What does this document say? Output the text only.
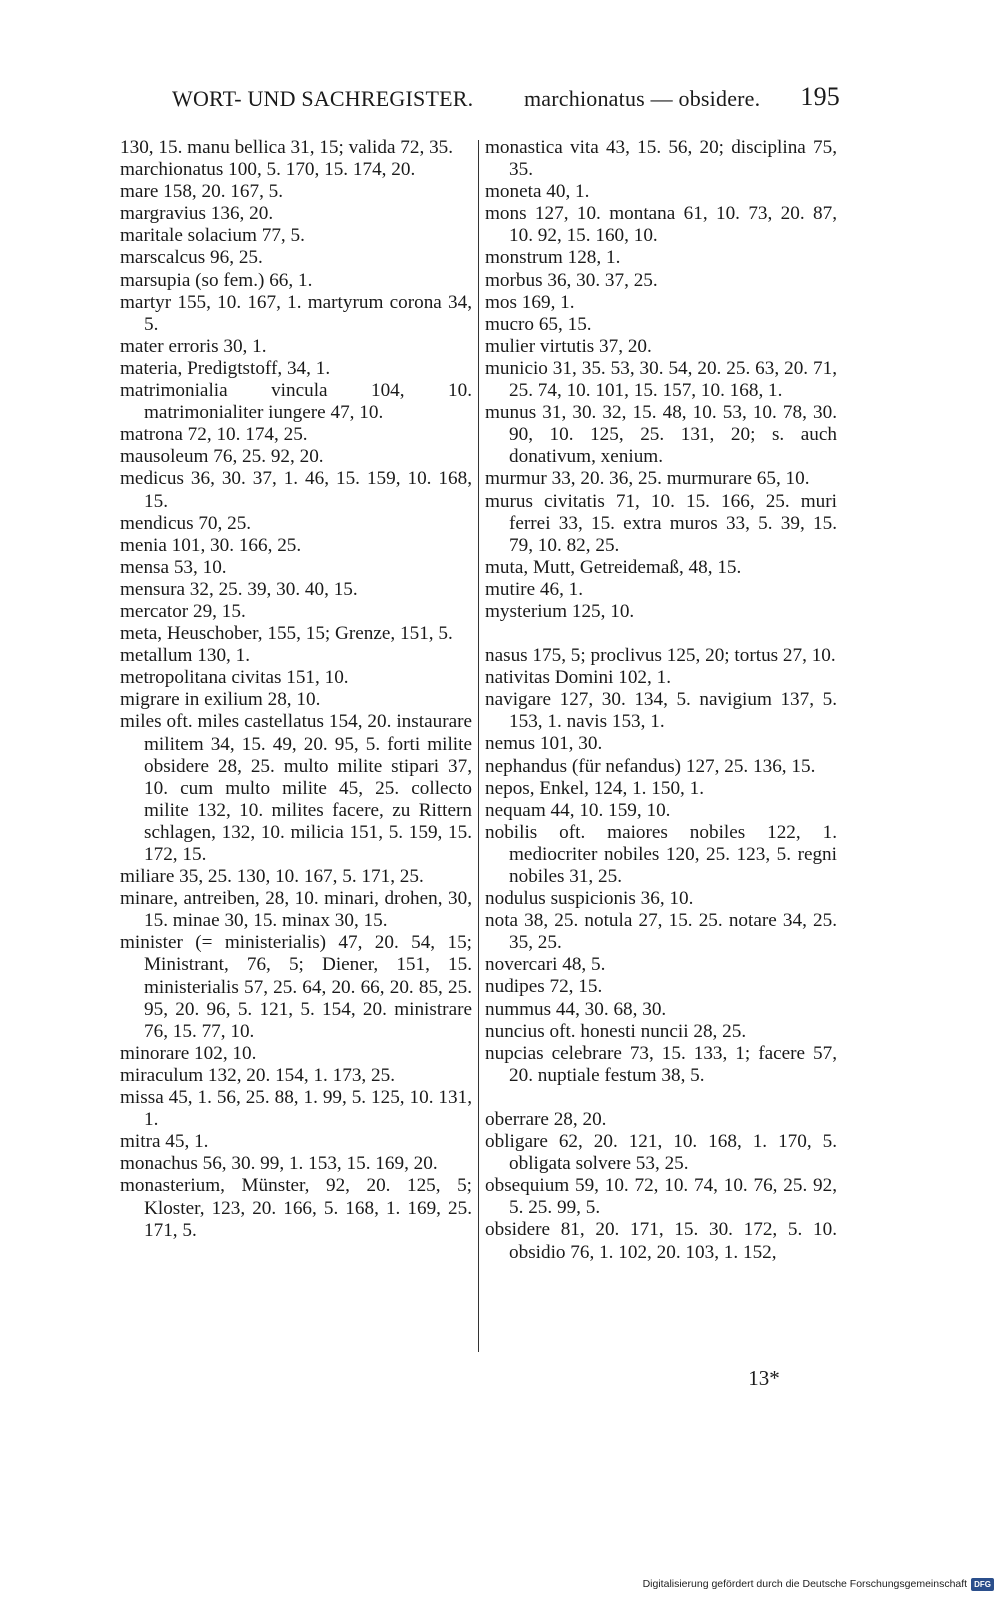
WORT- UND SACHREGISTER. marchionatus — obsidere. 195
130, 15. manu bellica 31, 15; valida 72, 35.
marchionatus 100, 5. 170, 15. 174, 20.
mare 158, 20. 167, 5.
margravius 136, 20.
maritale solacium 77, 5.
marscalcus 96, 25.
marsupia (so fem.) 66, 1.
martyr 155, 10. 167, 1. martyrum corona 34, 5.
mater erroris 30, 1.
materia, Predigtstoff, 34, 1.
matrimonialia vincula 104, 10. matrimonialiter iungere 47, 10.
matrona 72, 10. 174, 25.
mausoleum 76, 25. 92, 20.
medicus 36, 30. 37, 1. 46, 15. 159, 10. 168, 15.
mendicus 70, 25.
menia 101, 30. 166, 25.
mensa 53, 10.
mensura 32, 25. 39, 30. 40, 15.
mercator 29, 15.
meta, Heuschober, 155, 15; Grenze, 151, 5.
metallum 130, 1.
metropolitana civitas 151, 10.
migrare in exilium 28, 10.
miles oft. miles castellatus 154, 20. instaurare militem 34, 15. 49, 20. 95, 5. forti milite obsidere 28, 25. multo milite stipari 37, 10. cum multo milite 45, 25. collecto milite 132, 10. milites facere, zu Rittern schlagen, 132, 10. milicia 151, 5. 159, 15. 172, 15.
miliare 35, 25. 130, 10. 167, 5. 171, 25.
minare, antreiben, 28, 10. minari, drohen, 30, 15. minae 30, 15. minax 30, 15.
minister (= ministerialis) 47, 20. 54, 15; Ministrant, 76, 5; Diener, 151, 15. ministerialis 57, 25. 64, 20. 66, 20. 85, 25. 95, 20. 96, 5. 121, 5. 154, 20. ministrare 76, 15. 77, 10.
minorare 102, 10.
miraculum 132, 20. 154, 1. 173, 25.
missa 45, 1. 56, 25. 88, 1. 99, 5. 125, 10. 131, 1.
mitra 45, 1.
monachus 56, 30. 99, 1. 153, 15. 169, 20.
monasterium, Münster, 92, 20. 125, 5; Kloster, 123, 20. 166, 5. 168, 1. 169, 25. 171, 5.
monastica vita 43, 15. 56, 20; disciplina 75, 35.
moneta 40, 1.
mons 127, 10. montana 61, 10. 73, 20. 87, 10. 92, 15. 160, 10.
monstrum 128, 1.
morbus 36, 30. 37, 25.
mos 169, 1.
mucro 65, 15.
mulier virtutis 37, 20.
municio 31, 35. 53, 30. 54, 20. 25. 63, 20. 71, 25. 74, 10. 101, 15. 157, 10. 168, 1.
munus 31, 30. 32, 15. 48, 10. 53, 10. 78, 30. 90, 10. 125, 25. 131, 20; s. auch donativum, xenium.
murmur 33, 20. 36, 25. murmurare 65, 10.
murus civitatis 71, 10. 15. 166, 25. muri ferrei 33, 15. extra muros 33, 5. 39, 15. 79, 10. 82, 25.
muta, Mutt, Getreidemaß, 48, 15.
mutire 46, 1.
mysterium 125, 10.
nasus 175, 5; proclivus 125, 20; tortus 27, 10.
nativitas Domini 102, 1.
navigare 127, 30. 134, 5. navigium 137, 5. 153, 1. navis 153, 1.
nemus 101, 30.
nephandus (für nefandus) 127, 25. 136, 15.
nepos, Enkel, 124, 1. 150, 1.
nequam 44, 10. 159, 10.
nobilis oft. maiores nobiles 122, 1. mediocriter nobiles 120, 25. 123, 5. regni nobiles 31, 25.
nodulus suspicionis 36, 10.
nota 38, 25. notula 27, 15. 25. notare 34, 25. 35, 25.
novercari 48, 5.
nudipes 72, 15.
nummus 44, 30. 68, 30.
nuncius oft. honesti nuncii 28, 25.
nupcias celebrare 73, 15. 133, 1; facere 57, 20. nuptiale festum 38, 5.
oberrare 28, 20.
obligare 62, 20. 121, 10. 168, 1. 170, 5. obligata solvere 53, 25.
obsequium 59, 10. 72, 10. 74, 10. 76, 25. 92, 5. 25. 99, 5.
obsidere 81, 20. 171, 15. 30. 172, 5. 10. obsidio 76, 1. 102, 20. 103, 1. 152,
13*
Digitalisierung gefördert durch die Deutsche Forschungsgemeinschaft DFG
